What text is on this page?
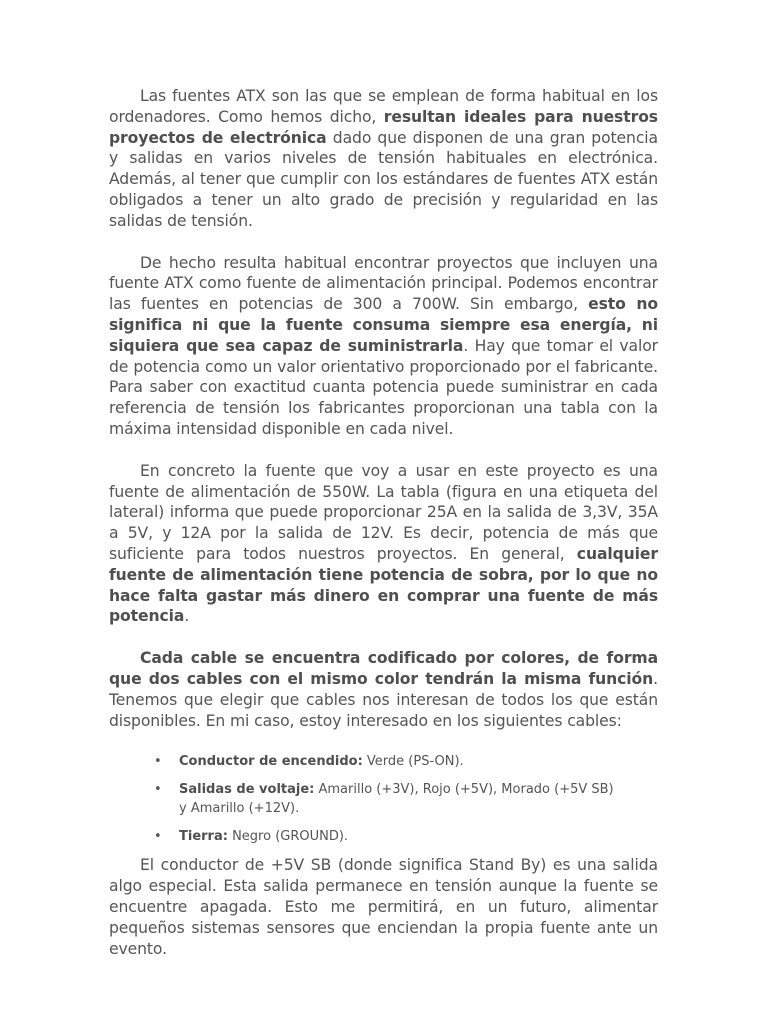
Las fuentes ATX son las que se emplean de forma habitual en los ordenadores. Como hemos dicho, resultan ideales para nuestros proyectos de electrónica dado que disponen de una gran potencia y salidas en varios niveles de tensión habituales en electrónica. Además, al tener que cumplir con los estándares de fuentes ATX están obligados a tener un alto grado de precisión y regularidad en las salidas de tensión.

De hecho resulta habitual encontrar proyectos que incluyen una fuente ATX como fuente de alimentación principal. Podemos encontrar las fuentes en potencias de 300 a 700W. Sin embargo, esto no significa ni que la fuente consuma siempre esa energía, ni siquiera que sea capaz de suministrarla. Hay que tomar el valor de potencia como un valor orientativo proporcionado por el fabricante. Para saber con exactitud cuanta potencia puede suministrar en cada referencia de tensión los fabricantes proporcionan una tabla con la máxima intensidad disponible en cada nivel.

En concreto la fuente que voy a usar en este proyecto es una fuente de alimentación de 550W. La tabla (figura en una etiqueta del lateral) informa que puede proporcionar 25A en la salida de 3,3V, 35A a 5V, y 12A por la salida de 12V. Es decir, potencia de más que suficiente para todos nuestros proyectos. En general, cualquier fuente de alimentación tiene potencia de sobra, por lo que no hace falta gastar más dinero en comprar una fuente de más potencia.

Cada cable se encuentra codificado por colores, de forma que dos cables con el mismo color tendrán la misma función. Tenemos que elegir que cables nos interesan de todos los que están disponibles. En mi caso, estoy interesado en los siguientes cables:

• Conductor de encendido: Verde (PS-ON).
• Salidas de voltaje: Amarillo (+3V), Rojo (+5V), Morado (+5V SB) y Amarillo (+12V).
• Tierra: Negro (GROUND).

El conductor de +5V SB (donde significa Stand By) es una salida algo especial. Esta salida permanece en tensión aunque la fuente se encuentre apagada. Esto me permitirá, en un futuro, alimentar pequeños sistemas sensores que enciendan la propia fuente ante un evento.
